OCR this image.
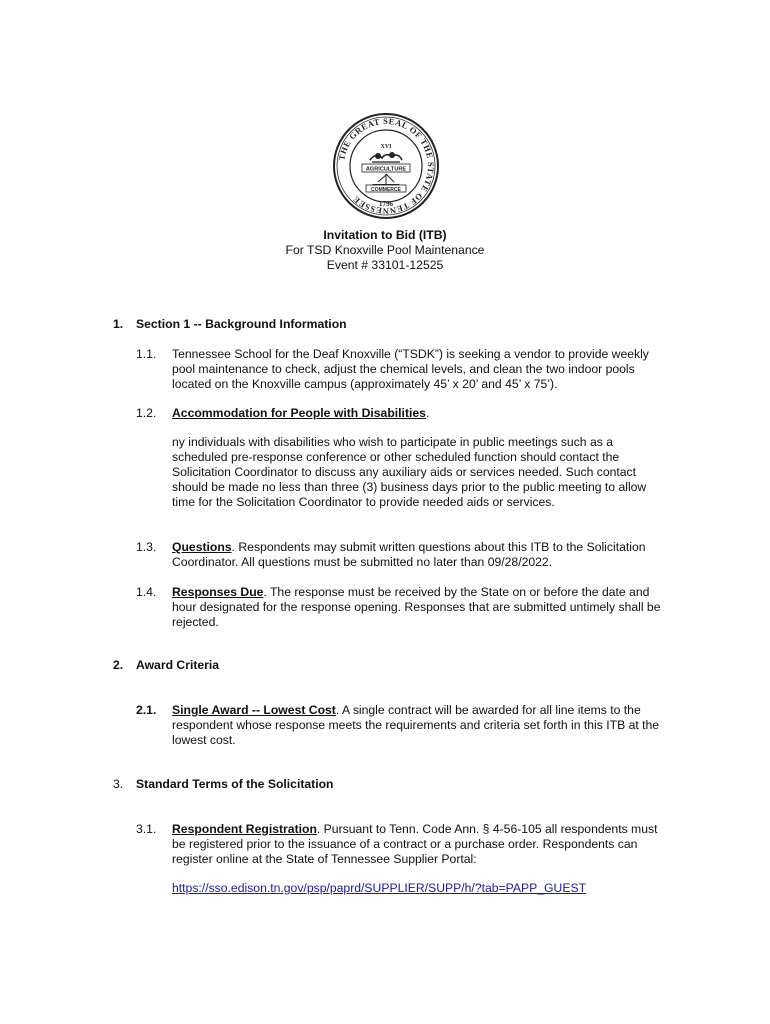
THE GREAT SEAL OF THE STATE OF TENNESSEE
XVI
AGRICULTURE
COMMERCE
1796
Invitation to Bid (ITB)
For TSD Knoxville Pool Maintenance
Event # 33101-12525
1. Section 1 -- Background Information
1.1. Tennessee School for the Deaf Knoxville (“TSDK”) is seeking a vendor to provide weekly pool maintenance to check, adjust the chemical levels, and clean the two indoor pools located on the Knoxville campus (approximately 45’ x 20’ and 45’ x 75’).
1.2. Accommodation for People with Disabilities.
ny individuals with disabilities who wish to participate in public meetings such as a scheduled pre-response conference or other scheduled function should contact the Solicitation Coordinator to discuss any auxiliary aids or services needed. Such contact should be made no less than three (3) business days prior to the public meeting to allow time for the Solicitation Coordinator to provide needed aids or services.
1.3. Questions. Respondents may submit written questions about this ITB to the Solicitation Coordinator. All questions must be submitted no later than 09/28/2022.
1.4. Responses Due. The response must be received by the State on or before the date and hour designated for the response opening. Responses that are submitted untimely shall be rejected.
2. Award Criteria
2.1. Single Award -- Lowest Cost. A single contract will be awarded for all line items to the respondent whose response meets the requirements and criteria set forth in this ITB at the lowest cost.
3. Standard Terms of the Solicitation
3.1. Respondent Registration. Pursuant to Tenn. Code Ann. § 4-56-105 all respondents must be registered prior to the issuance of a contract or a purchase order. Respondents can register online at the State of Tennessee Supplier Portal:
https://sso.edison.tn.gov/psp/paprd/SUPPLIER/SUPP/h/?tab=PAPP_GUEST
